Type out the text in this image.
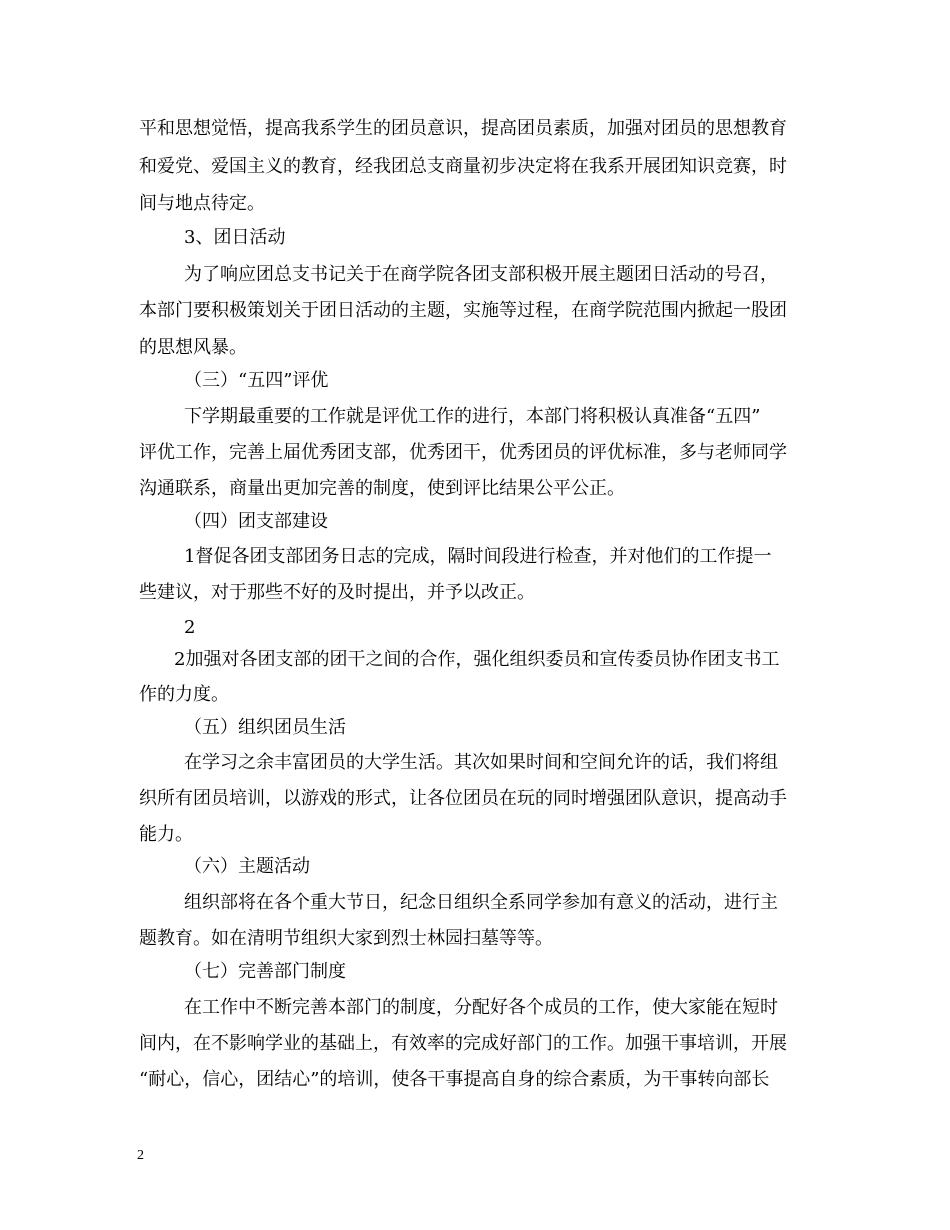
平和思想觉悟，提高我系学生的团员意识，提高团员素质，加强对团员的思想教育
和爱党、爱国主义的教育，经我团总支商量初步决定将在我系开展团知识竞赛，时
间与地点待定。
3、团日活动
为了响应团总支书记关于在商学院各团支部积极开展主题团日活动的号召，
本部门要积极策划关于团日活动的主题，实施等过程，在商学院范围内掀起一股团
的思想风暴。
（三）“五四”评优
下学期最重要的工作就是评优工作的进行，本部门将积极认真准备“五四”
评优工作，完善上届优秀团支部，优秀团干，优秀团员的评优标准，多与老师同学
沟通联系，商量出更加完善的制度，使到评比结果公平公正。
（四）团支部建设
1督促各团支部团务日志的完成，隔时间段进行检查，并对他们的工作提一
些建议，对于那些不好的及时提出，并予以改正。
2
2加强对各团支部的团干之间的合作，强化组织委员和宣传委员协作团支书工
作的力度。
（五）组织团员生活
在学习之余丰富团员的大学生活。其次如果时间和空间允许的话，我们将组
织所有团员培训，以游戏的形式，让各位团员在玩的同时增强团队意识，提高动手
能力。
（六）主题活动
组织部将在各个重大节日，纪念日组织全系同学参加有意义的活动，进行主
题教育。如在清明节组织大家到烈士林园扫墓等等。
（七）完善部门制度
在工作中不断完善本部门的制度，分配好各个成员的工作，使大家能在短时
间内，在不影响学业的基础上，有效率的完成好部门的工作。加强干事培训，开展
“耐心，信心，团结心”的培训，使各干事提高自身的综合素质，为干事转向部长
2
